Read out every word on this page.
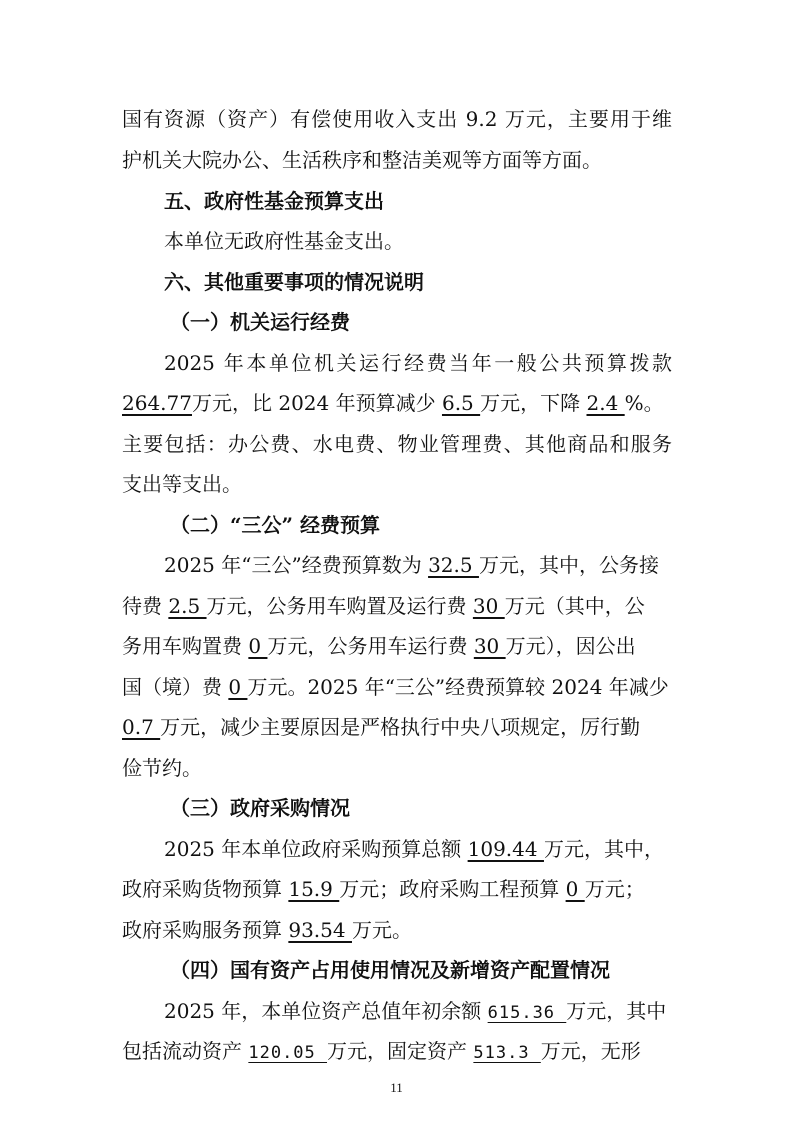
国有资源（资产）有偿使用收入支出 9.2 万元，主要用于维
护机关大院办公、生活秩序和整洁美观等方面等方面。
五、政府性基金预算支出
本单位无政府性基金支出。
六、其他重要事项的情况说明
（一）机关运行经费
2025 年本单位机关运行经费当年一般公共预算拨款
264.77万元，比 2024 年预算减少 6.5 万元，下降 2.4 %。
主要包括：办公费、水电费、物业管理费、其他商品和服务
支出等支出。
（二）“三公” 经费预算
2025 年“三公”经费预算数为 32.5 万元，其中，公务接
待费 2.5 万元，公务用车购置及运行费 30 万元（其中，公
务用车购置费 0 万元，公务用车运行费 30 万元），因公出
国（境）费 0 万元。2025 年“三公”经费预算较 2024 年减少
0.7 万元，减少主要原因是严格执行中央八项规定，厉行勤
俭节约。
（三）政府采购情况
2025 年本单位政府采购预算总额 109.44 万元，其中，
政府采购货物预算 15.9 万元；政府采购工程预算 0 万元；
政府采购服务预算 93.54 万元。
（四）国有资产占用使用情况及新增资产配置情况
2025 年，本单位资产总值年初余额 615.36 万元，其中
包括流动资产 120.05 万元，固定资产 513.3 万元，无形
11
